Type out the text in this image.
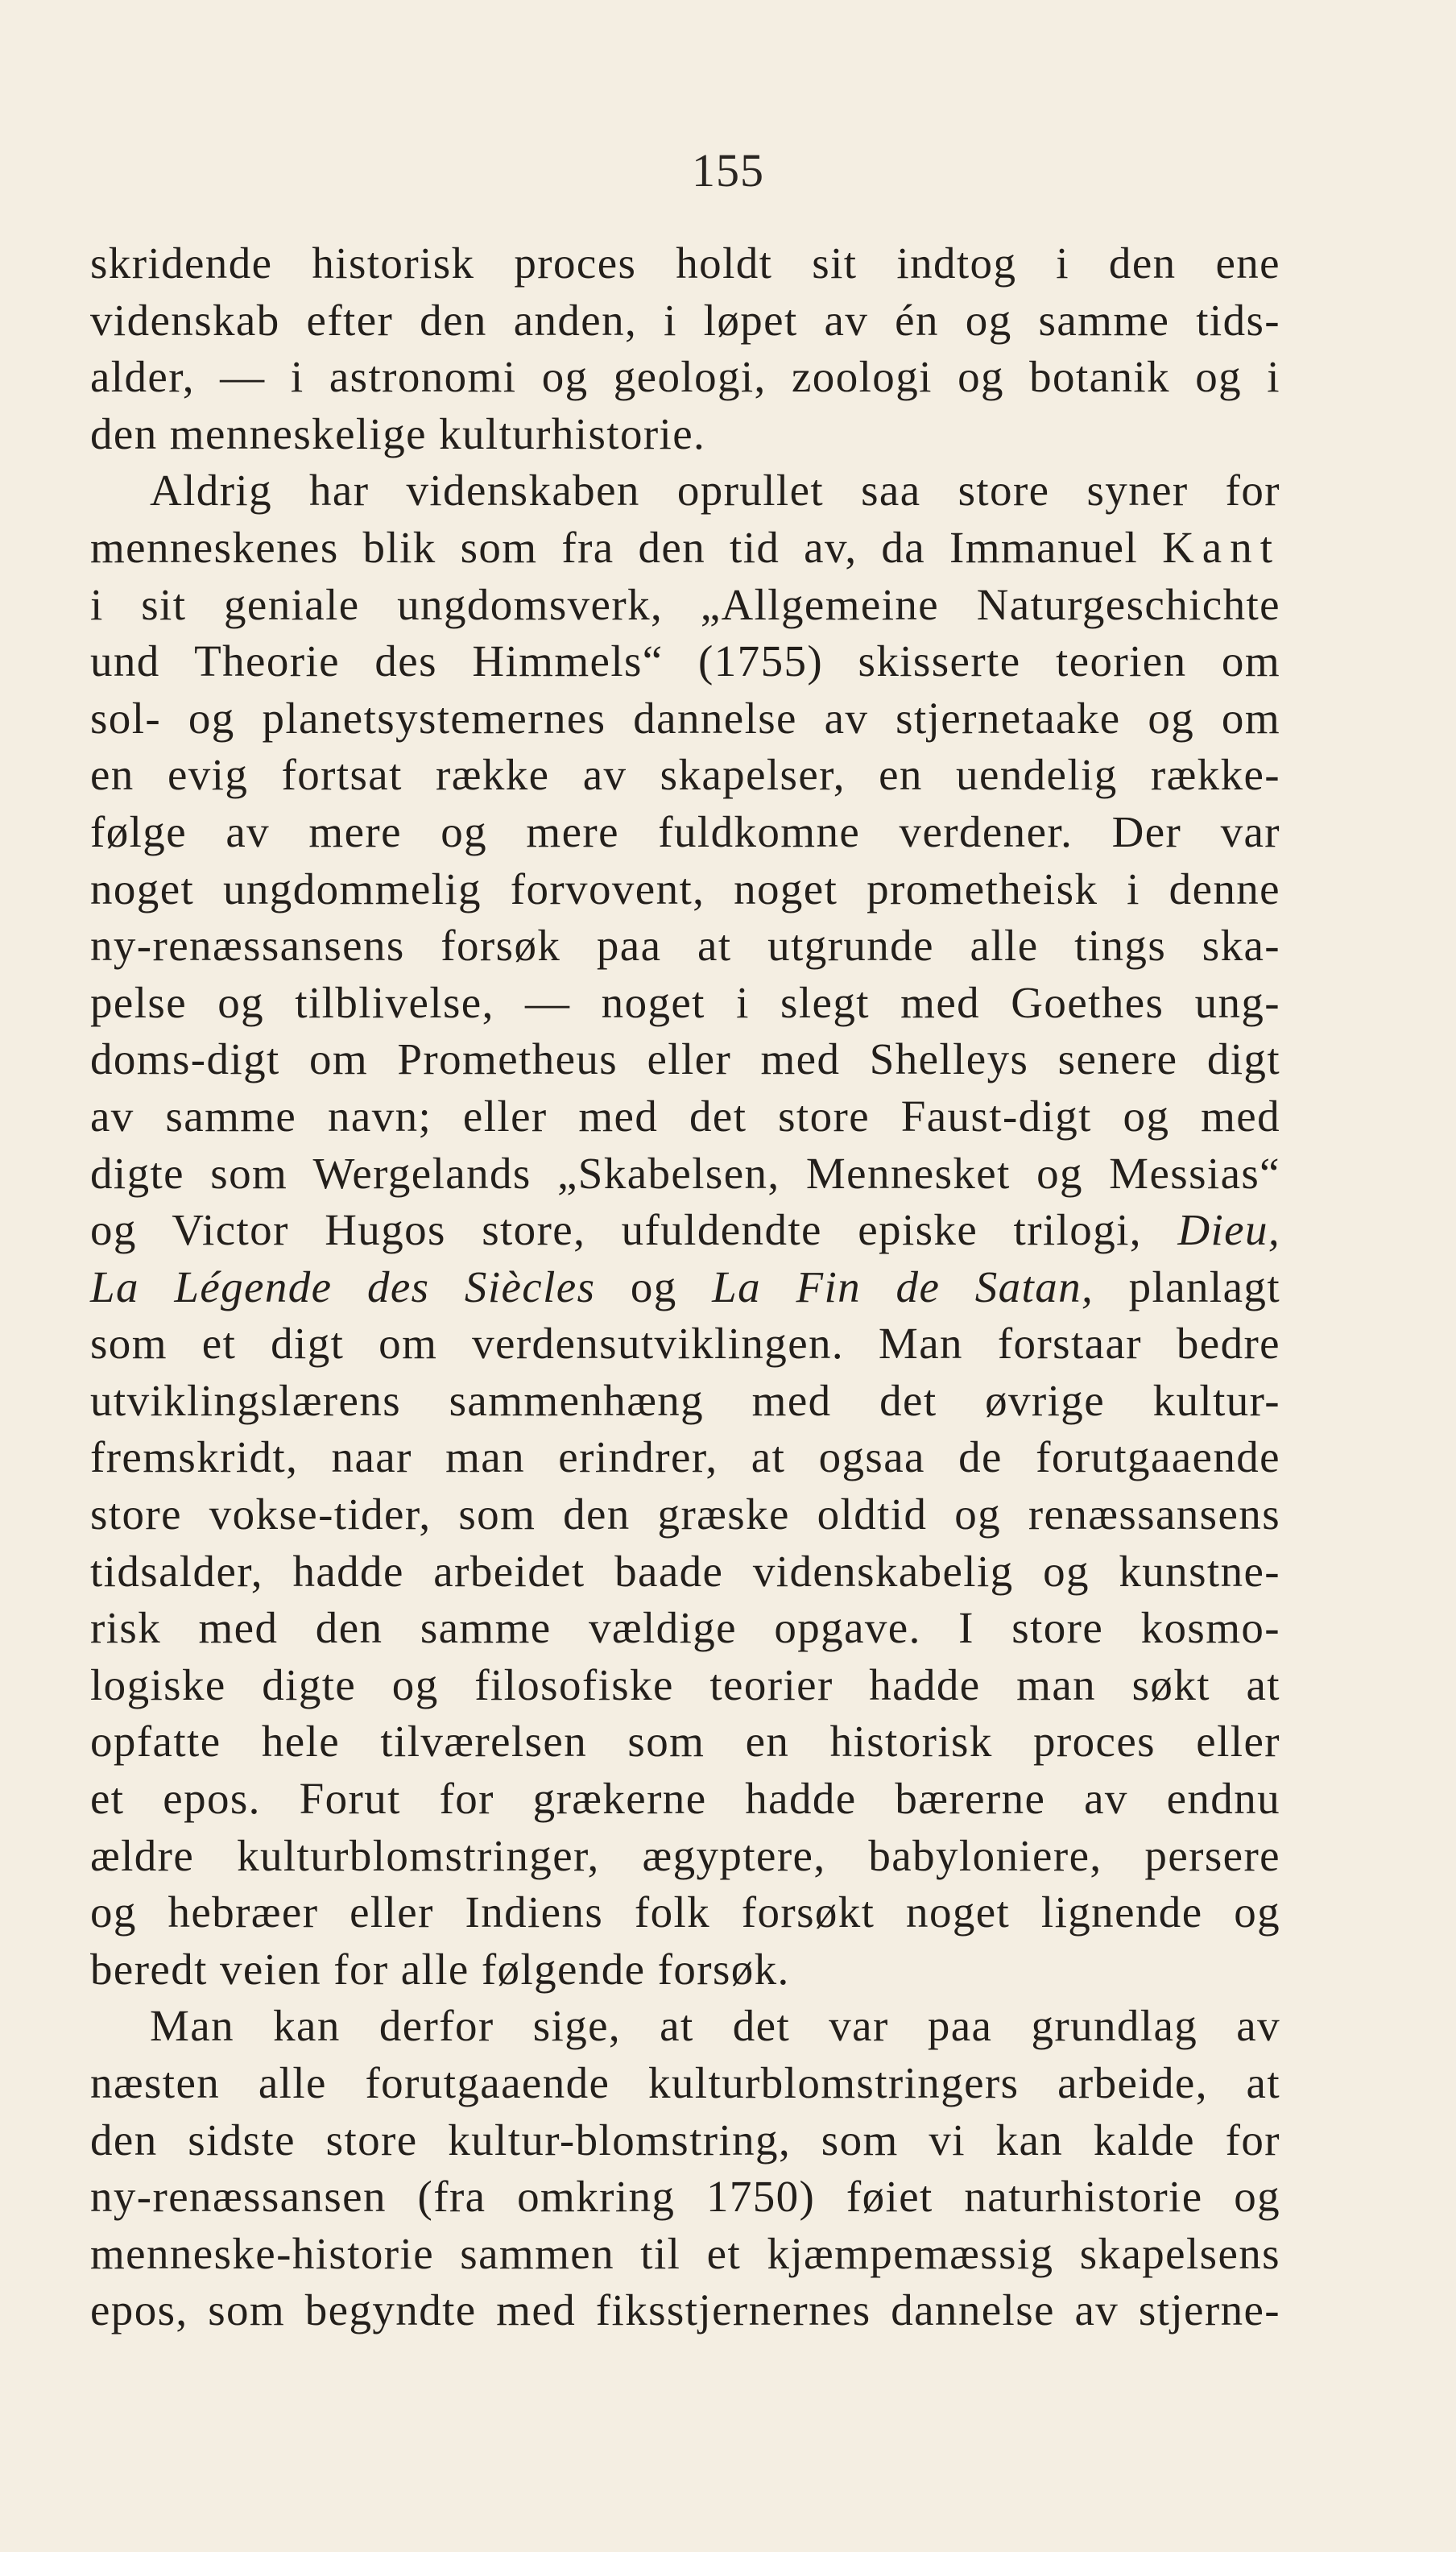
155
skridende historisk proces holdt sit indtog i den ene
videnskab efter den anden, i løpet av én og samme tids-
alder, — i astronomi og geologi, zoologi og botanik og i
den menneskelige kulturhistorie.
Aldrig har videnskaben oprullet saa store syner for
menneskenes blik som fra den tid av, da Immanuel Kant
i sit geniale ungdomsverk, „Allgemeine Naturgeschichte
und Theorie des Himmels“ (1755) skisserte teorien om
sol- og planetsystemernes dannelse av stjernetaake og om
en evig fortsat række av skapelser, en uendelig række-
følge av mere og mere fuldkomne verdener. Der var
noget ungdommelig forvovent, noget prometheisk i denne
ny-renæssansens forsøk paa at utgrunde alle tings ska-
pelse og tilblivelse, — noget i slegt med Goethes ung-
doms-digt om Prometheus eller med Shelleys senere digt
av samme navn; eller med det store Faust-digt og med
digte som Wergelands „Skabelsen, Mennesket og Messias“
og Victor Hugos store, ufuldendte episke trilogi, Dieu,
La Légende des Siècles og La Fin de Satan, planlagt
som et digt om verdensutviklingen. Man forstaar bedre
utviklingslærens sammenhæng med det øvrige kultur-
fremskridt, naar man erindrer, at ogsaa de forutgaaende
store vokse-tider, som den græske oldtid og renæssansens
tidsalder, hadde arbeidet baade videnskabelig og kunstne-
risk med den samme vældige opgave. I store kosmo-
logiske digte og filosofiske teorier hadde man søkt at
opfatte hele tilværelsen som en historisk proces eller
et epos. Forut for grækerne hadde bærerne av endnu
ældre kulturblomstringer, ægyptere, babyloniere, persere
og hebræer eller Indiens folk forsøkt noget lignende og
beredt veien for alle følgende forsøk.
Man kan derfor sige, at det var paa grundlag av
næsten alle forutgaaende kulturblomstringers arbeide, at
den sidste store kultur-blomstring, som vi kan kalde for
ny-renæssansen (fra omkring 1750) føiet naturhistorie og
menneske-historie sammen til et kjæmpemæssig skapelsens
epos, som begyndte med fiksstjernernes dannelse av stjerne-
